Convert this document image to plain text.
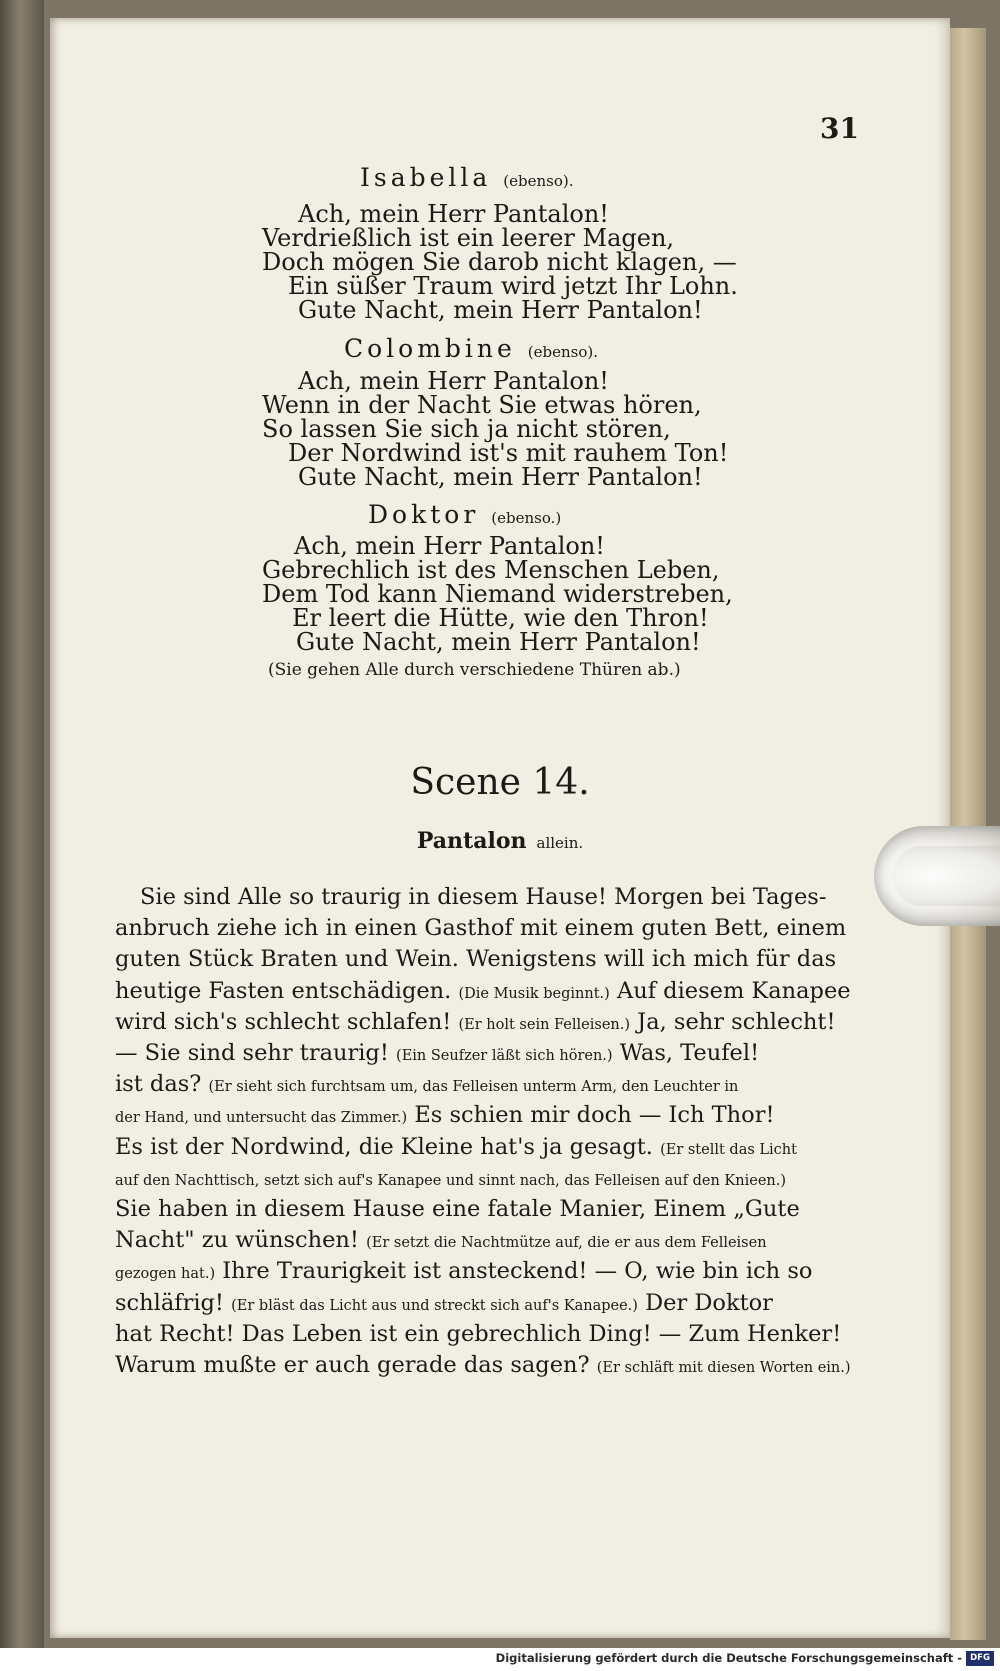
31
Isabella (ebenso).
Ach, mein Herr Pantalon!
Verdrießlich ist ein leerer Magen,
Doch mögen Sie darob nicht klagen, —
Ein süßer Traum wird jetzt Ihr Lohn.
Gute Nacht, mein Herr Pantalon!
Colombine (ebenso).
Ach, mein Herr Pantalon!
Wenn in der Nacht Sie etwas hören,
So lassen Sie sich ja nicht stören,
Der Nordwind ist's mit rauhem Ton!
Gute Nacht, mein Herr Pantalon!
Doktor (ebenso.)
Ach, mein Herr Pantalon!
Gebrechlich ist des Menschen Leben,
Dem Tod kann Niemand widerstreben,
Er leert die Hütte, wie den Thron!
Gute Nacht, mein Herr Pantalon!
(Sie gehen Alle durch verschiedene Thüren ab.)
Scene 14.
Pantalon allein.
Sie sind Alle so traurig in diesem Hause! Morgen bei Tages-
anbruch ziehe ich in einen Gasthof mit einem guten Bett, einem
guten Stück Braten und Wein. Wenigstens will ich mich für das
heutige Fasten entschädigen. (Die Musik beginnt.) Auf diesem Kanapee
wird sich's schlecht schlafen! (Er holt sein Felleisen.) Ja, sehr schlecht!
— Sie sind sehr traurig! (Ein Seufzer läßt sich hören.) Was, Teufel!
ist das? (Er sieht sich furchtsam um, das Felleisen unterm Arm, den Leuchter in
der Hand, und untersucht das Zimmer.) Es schien mir doch — Ich Thor!
Es ist der Nordwind, die Kleine hat's ja gesagt. (Er stellt das Licht
auf den Nachttisch, setzt sich auf's Kanapee und sinnt nach, das Felleisen auf den Knieen.)
Sie haben in diesem Hause eine fatale Manier, Einem „Gute
Nacht" zu wünschen! (Er setzt die Nachtmütze auf, die er aus dem Felleisen
gezogen hat.) Ihre Traurigkeit ist ansteckend! — O, wie bin ich so
schläfrig! (Er bläst das Licht aus und streckt sich auf's Kanapee.) Der Doktor
hat Recht! Das Leben ist ein gebrechlich Ding! — Zum Henker!
Warum mußte er auch gerade das sagen? (Er schläft mit diesen Worten ein.)
Digitalisierung gefördert durch die Deutsche Forschungsgemeinschaft - DFG
